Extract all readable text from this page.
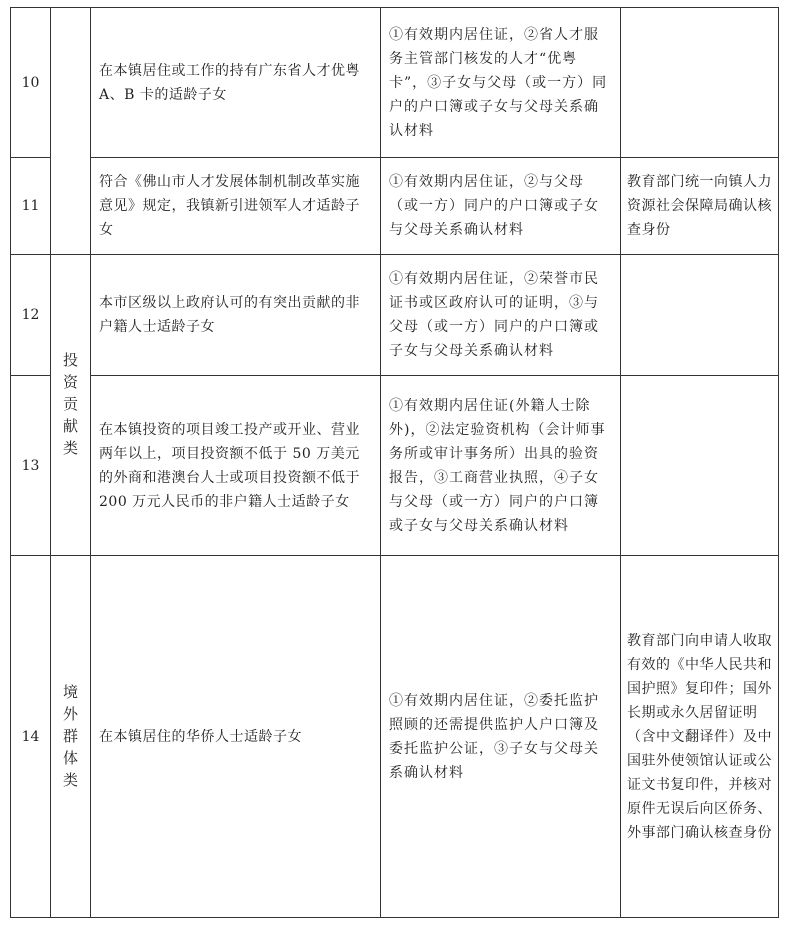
10		在本镇居住或工作的持有广东省人才优粤 A、B 卡的适龄子女	①有效期内居住证，②省人才服务主管部门核发的人才“优粤卡”，③子女与父母（或一方）同户的户口簿或子女与父母关系确认材料	
11		符合《佛山市人才发展体制机制改革实施意见》规定，我镇新引进领军人才适龄子女	①有效期内居住证，②与父母（或一方）同户的户口簿或子女与父母关系确认材料	教育部门统一向镇人力资源社会保障局确认核查身份
12	投资贡献类	本市区级以上政府认可的有突出贡献的非户籍人士适龄子女	①有效期内居住证，②荣誉市民证书或区政府认可的证明，③与父母（或一方）同户的户口簿或子女与父母关系确认材料	
13		在本镇投资的项目竣工投产或开业、营业两年以上，项目投资额不低于 50 万美元的外商和港澳台人士或项目投资额不低于 200 万元人民币的非户籍人士适龄子女	①有效期内居住证(外籍人士除外)，②法定验资机构（会计师事务所或审计事务所）出具的验资报告，③工商营业执照，④子女与父母（或一方）同户的户口簿或子女与父母关系确认材料	
14	境外群体类	在本镇居住的华侨人士适龄子女	①有效期内居住证，②委托监护照顾的还需提供监护人户口簿及委托监护公证，③子女与父母关系确认材料	教育部门向申请人收取有效的《中华人民共和国护照》复印件；国外长期或永久居留证明（含中文翻译件）及中国驻外使领馆认证或公证文书复印件，并核对原件无误后向区侨务、外事部门确认核查身份
